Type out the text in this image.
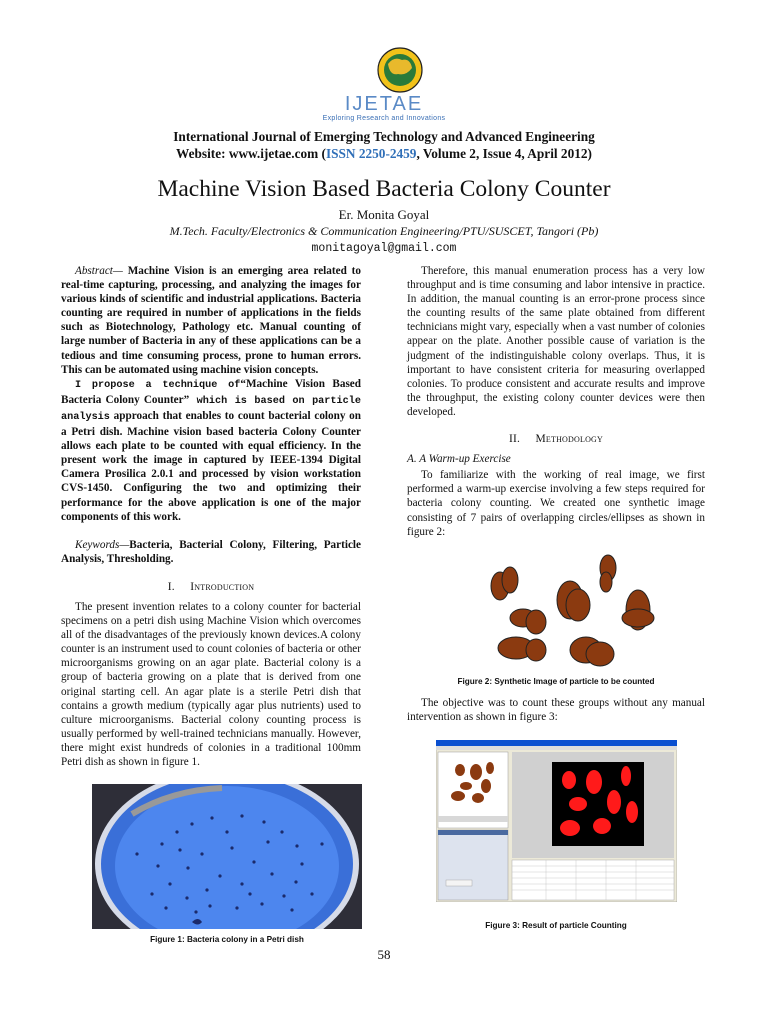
IJETAE
Exploring Research and Innovations
International Journal of Emerging Technology and Advanced Engineering
Website: www.ijetae.com (ISSN 2250-2459, Volume 2, Issue 4, April 2012)
Machine Vision Based Bacteria Colony Counter
Er. Monita Goyal
M.Tech. Faculty/Electronics & Communication Engineering/PTU/SUSCET, Tangori (Pb)
monitagoyal@gmail.com

Abstract— Machine Vision is an emerging area related to real-time capturing, processing, and analyzing the images for various kinds of scientific and industrial applications. Bacteria counting are required in number of applications in the fields such as Biotechnology, Pathology etc. Manual counting of large number of Bacteria in any of these applications can be a tedious and time consuming process, prone to human errors. This can be automated using machine vision concepts.

I propose a technique of“Machine Vision Based Bacteria Colony Counter” which is based on particle analysis approach that enables to count bacterial colony on a Petri dish. Machine vision based bacteria Colony Counter allows each plate to be counted with equal efficiency. In the present work the image in captured by IEEE-1394 Digital Camera Prosilica 2.0.1 and processed by vision workstation CVS-1450. Configuring the two and optimizing their performance for the above application is one of the major components of this work.

Keywords—Bacteria, Bacterial Colony, Filtering, Particle Analysis, Thresholding.

I. Introduction

The present invention relates to a colony counter for bacterial specimens on a petri dish using Machine Vision which overcomes all of the disadvantages of the previously known devices.A colony counter is an instrument used to count colonies of bacteria or other microorganisms growing on an agar plate. Bacterial colony is a group of bacteria growing on a plate that is derived from one original starting cell. An agar plate is a sterile Petri dish that contains a growth medium (typically agar plus nutrients) used to culture microorganisms. Bacterial colony counting process is usually performed by well-trained technicians manually. However, there might exist hundreds of colonies in a traditional 100mm Petri dish as shown in figure 1.

Figure 1: Bacteria colony in a Petri dish

Therefore, this manual enumeration process has a very low throughput and is time consuming and labor intensive in practice. In addition, the manual counting is an error-prone process since the counting results of the same plate obtained from different technicians might vary, especially when a vast number of colonies appear on the plate. Another possible cause of variation is the judgment of the indistinguishable colony overlaps. Thus, it is important to have consistent criteria for measuring overlapped colonies. To produce consistent and accurate results and improve the throughput, the existing colony counter devices were then developed.

II. Methodology

A. A Warm-up Exercise

To familiarize with the working of real image, we first performed a warm-up exercise involving a few steps required for bacteria colony counting. We created one synthetic image consisting of 7 pairs of overlapping circles/ellipses as shown in figure 2:

Figure 2: Synthetic Image of particle to be counted

The objective was to count these groups without any manual intervention as shown in figure 3:

Figure 3: Result of particle Counting
58
